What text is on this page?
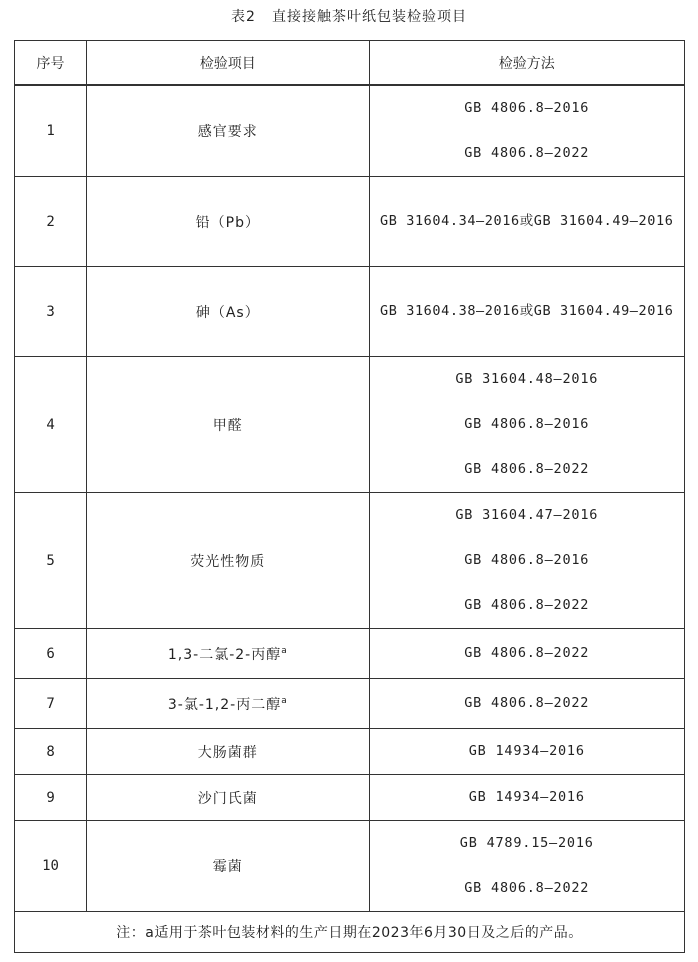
表2 直接接触茶叶纸包装检验项目
序号	检验项目	检验方法
1	感官要求	GB 4806.8—2016
GB 4806.8—2022

2	铅（Pb）	GB 31604.34—2016或GB 31604.49—2016

3	砷（As）	GB 31604.38—2016或GB 31604.49—2016

4	甲醛	GB 31604.48—2016
GB 4806.8—2016
GB 4806.8—2022

5	荧光性物质	GB 31604.47—2016
GB 4806.8—2016
GB 4806.8—2022

6	1,3-二氯-2-丙醇$^a$	GB 4806.8—2022

7	3-氯-1,2-丙二醇$^a$	GB 4806.8—2022

8	大肠菌群	GB 14934—2016

9	沙门氏菌	GB 14934—2016

10	霉菌	GB 4789.15—2016
GB 4806.8—2022

注：a适用于茶叶包装材料的生产日期在2023年6月30日及之后的产品。		
